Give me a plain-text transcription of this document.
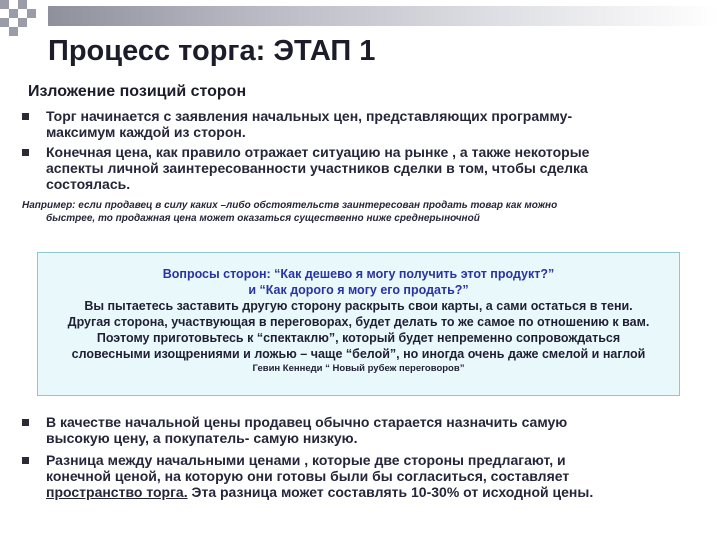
Процесс торга: ЭТАП 1
Изложение позиций сторон
Торг начинается с заявления начальных цен, представляющих программу-
максимум каждой из сторон.
Конечная цена, как правило отражает ситуацию на рынке , а также некоторые
аспекты личной заинтересованности участников сделки в том, чтобы сделка
состоялась.
Например: если продавец в силу каких –либо обстоятельств заинтересован продать товар как можно
быстрее, то продажная цена может оказаться существенно ниже среднерыночной
Вопросы сторон: “Как дешево я могу получить этот продукт?”
и “Как дорого я могу его продать?”
Вы пытаетесь заставить другую сторону раскрыть свои карты, а сами остаться в тени.
Другая сторона, участвующая в переговорах, будет делать то же самое по отношению к вам.
Поэтому приготовьтесь к “спектаклю”, который будет непременно сопровождаться
словесными изощрениями и ложью – чаще “белой”, но иногда очень даже смелой и наглой
Гевин Кеннеди “ Новый рубеж переговоров”
В качестве начальной цены продавец обычно старается назначить самую
высокую цену, а покупатель- самую низкую.
Разница между начальными ценами , которые две стороны предлагают, и
конечной ценой, на которую они готовы были бы согласиться, составляет
пространство торга. Эта разница может составлять 10-30% от исходной цены.
